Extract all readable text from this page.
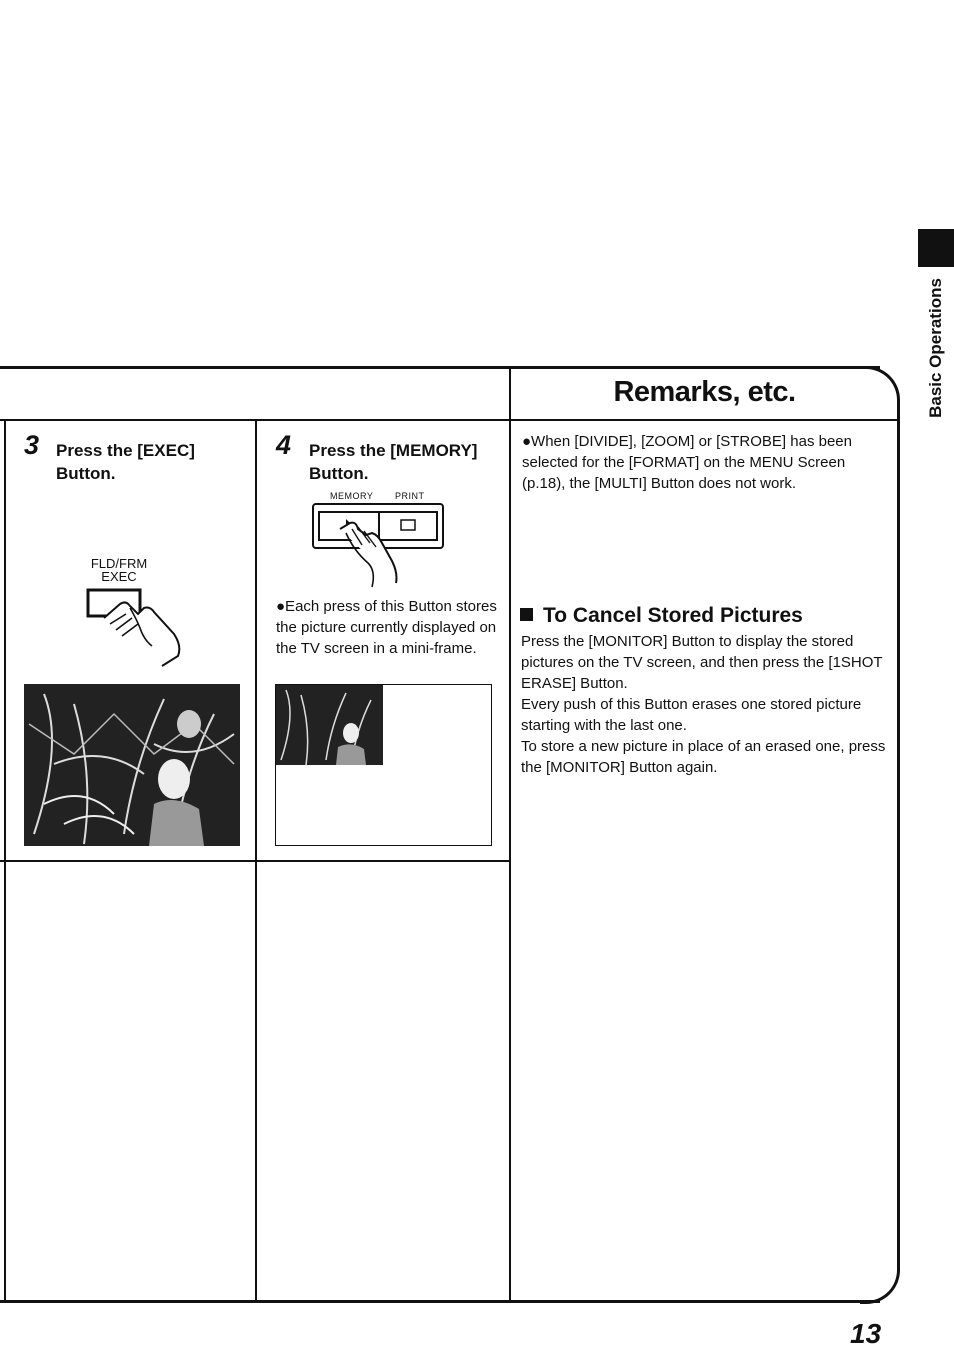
Basic Operations
Remarks, etc.
3 Press the [EXEC]
Button.
FLD/FRM
EXEC
4 Press the [MEMORY]
Button.
MEMORY PRINT
●Each press of this Button stores the picture currently displayed on the TV screen in a mini-frame.
●When [DIVIDE], [ZOOM] or [STROBE] has been selected for the [FORMAT] on the MENU Screen (p.18), the [MULTI] Button does not work.
To Cancel Stored Pictures
Press the [MONITOR] Button to display the stored pictures on the TV screen, and then press the [1SHOT ERASE] Button.
Every push of this Button erases one stored picture starting with the last one.
To store a new picture in place of an erased one, press the [MONITOR] Button again.
13
